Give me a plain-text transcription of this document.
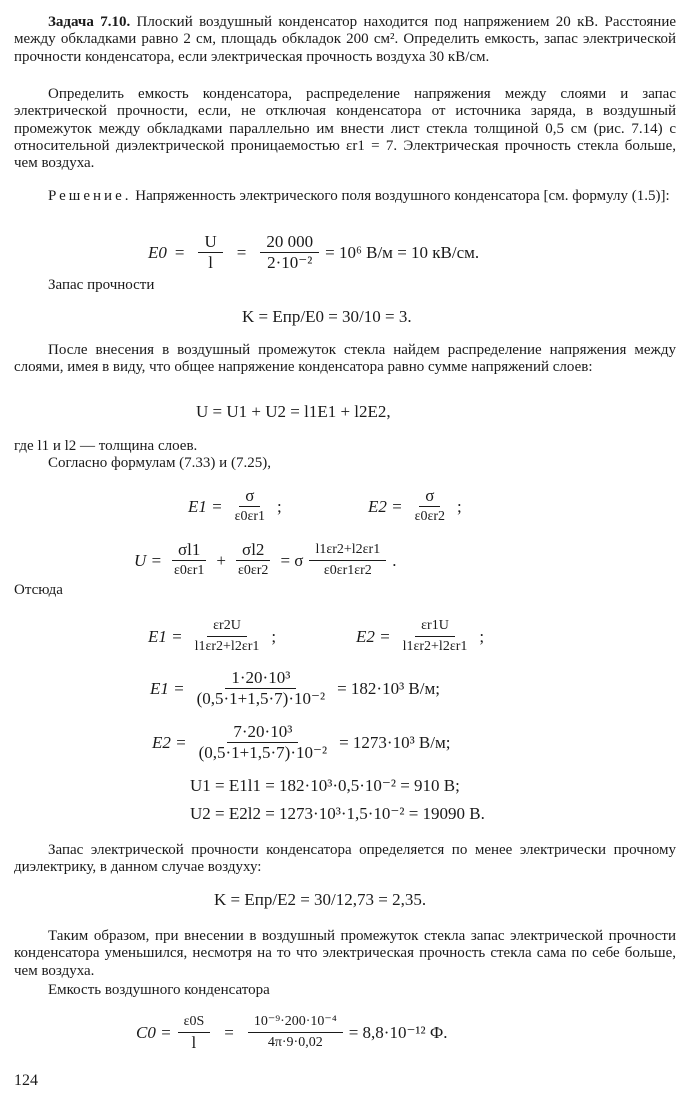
Задача 7.10. Плоский воздушный конденсатор находится под напряжением 20 кВ. Расстояние между обкладками равно 2 см, площадь обкладок 200 см². Определить емкость, запас электрической прочности конденсатора, если электрическая прочность воздуха 30 кВ/см.

Определить емкость конденсатора, распределение напряжения между слоями и запас электрической прочности, если, не отключая конденсатора от источника заряда, в воздушный промежуток между обкладками параллельно им внести лист стекла толщиной 0,5 см (рис. 7.14) с относительной диэлектрической проницаемостью εr1 = 7. Электрическая прочность стекла больше, чем воздуха.

Решение. Напряженность электрического поля воздушного конденсатора [см. формулу (1.5)]:

$E0 = \frac{U}{l} = \frac{20 000}{\text{2·10⁻²}} = 10^6$ В/м = 10 кВ/см.

Запас прочности

K = Eпр/E0 = 30/10 = 3.

После внесения в воздушный промежуток стекла найдем распределение напряжения между слоями, имея в виду, что общее напряжение конденсатора равно сумме напряжений слоев:

U = U1 + U2 = l1E1 + l2E2,

где l1 и l2 — толщина слоев.

Согласно формулам (7.33) и (7.25),

$E1 = \frac{\sigma}{\varepsilon 0\varepsilon r1}$ ;	$E2 = \frac{\sigma}{\varepsilon 0\varepsilon r2}$ ;
$U = \frac{\sigma l1}{\varepsilon 0\varepsilon r1} + \frac{\sigma l2}{\varepsilon 0\varepsilon r2} = \sigma \frac{l1\varepsilon r2+l2\varepsilon r1}{\varepsilon 0\varepsilon r1\varepsilon r2}$ .

Отсюда

$E1 = \frac{\varepsilon r2U}{l1\varepsilon r2+l2\varepsilon r1}$ ;	$E2 = \frac{\varepsilon r1U}{l1\varepsilon r2+l2\varepsilon r1}$ ;
$E1 = \frac{\text{1·20·10³}}{\text{(0,5·1+1,5·7)·10⁻²}} = 182\cdot 10^3$ В/м;
$E2 = \frac{\text{7·20·10³}}{\text{(0,5·1+1,5·7)·10⁻²}} = 1273\cdot 10^3$ В/м;
U1 = E1l1 = 182·10³·0,5·10⁻² = 910 В;
U2 = E2l2 = 1273·10³·1,5·10⁻² = 19090 В.

Запас электрической прочности конденсатора определяется по менее электрически прочному диэлектрику, в данном случае воздуху:

K = Eпр/E2 = 30/12,73 = 2,35.

Таким образом, при внесении в воздушный промежуток стекла запас электрической прочности конденсатора уменьшился, несмотря на то что электрическая прочность стекла сама по себе больше, чем воздуха.

Емкость воздушного конденсатора

$C0 = \frac{\varepsilon 0S}{l} = \frac{\text{10⁻⁹·200·10⁻⁴}}{4\pi\cdot 9\cdot 0,02} = 8,8\cdot 10^{-12}$ Ф.
124
